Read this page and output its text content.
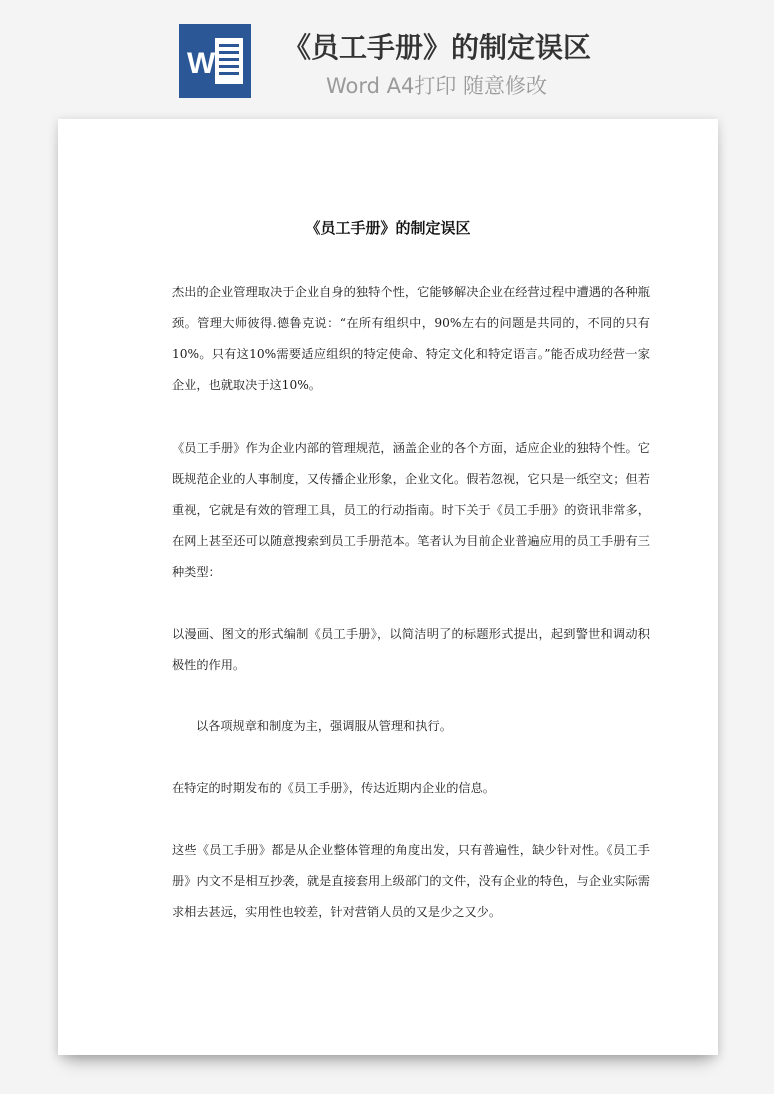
W 《员工手册》的制定误区
Word A4打印 随意修改
《员工手册》的制定误区

杰出的企业管理取决于企业自身的独特个性，它能够解决企业在经营过程中遭遇的各种瓶颈。管理大师彼得.德鲁克说：“在所有组织中，90%左右的问题是共同的，不同的只有10%。只有这10%需要适应组织的特定使命、特定文化和特定语言。”能否成功经营一家企业，也就取决于这10%。

《员工手册》作为企业内部的管理规范，涵盖企业的各个方面，适应企业的独特个性。它既规范企业的人事制度，又传播企业形象，企业文化。假若忽视，它只是一纸空文；但若重视，它就是有效的管理工具，员工的行动指南。时下关于《员工手册》的资讯非常多，在网上甚至还可以随意搜索到员工手册范本。笔者认为目前企业普遍应用的员工手册有三种类型：

以漫画、图文的形式编制《员工手册》，以简洁明了的标题形式提出，起到警世和调动积极性的作用。

以各项规章和制度为主，强调服从管理和执行。

在特定的时期发布的《员工手册》，传达近期内企业的信息。

这些《员工手册》都是从企业整体管理的角度出发，只有普遍性，缺少针对性。《员工手册》内文不是相互抄袭，就是直接套用上级部门的文件，没有企业的特色，与企业实际需求相去甚远，实用性也较差，针对营销人员的又是少之又少。
